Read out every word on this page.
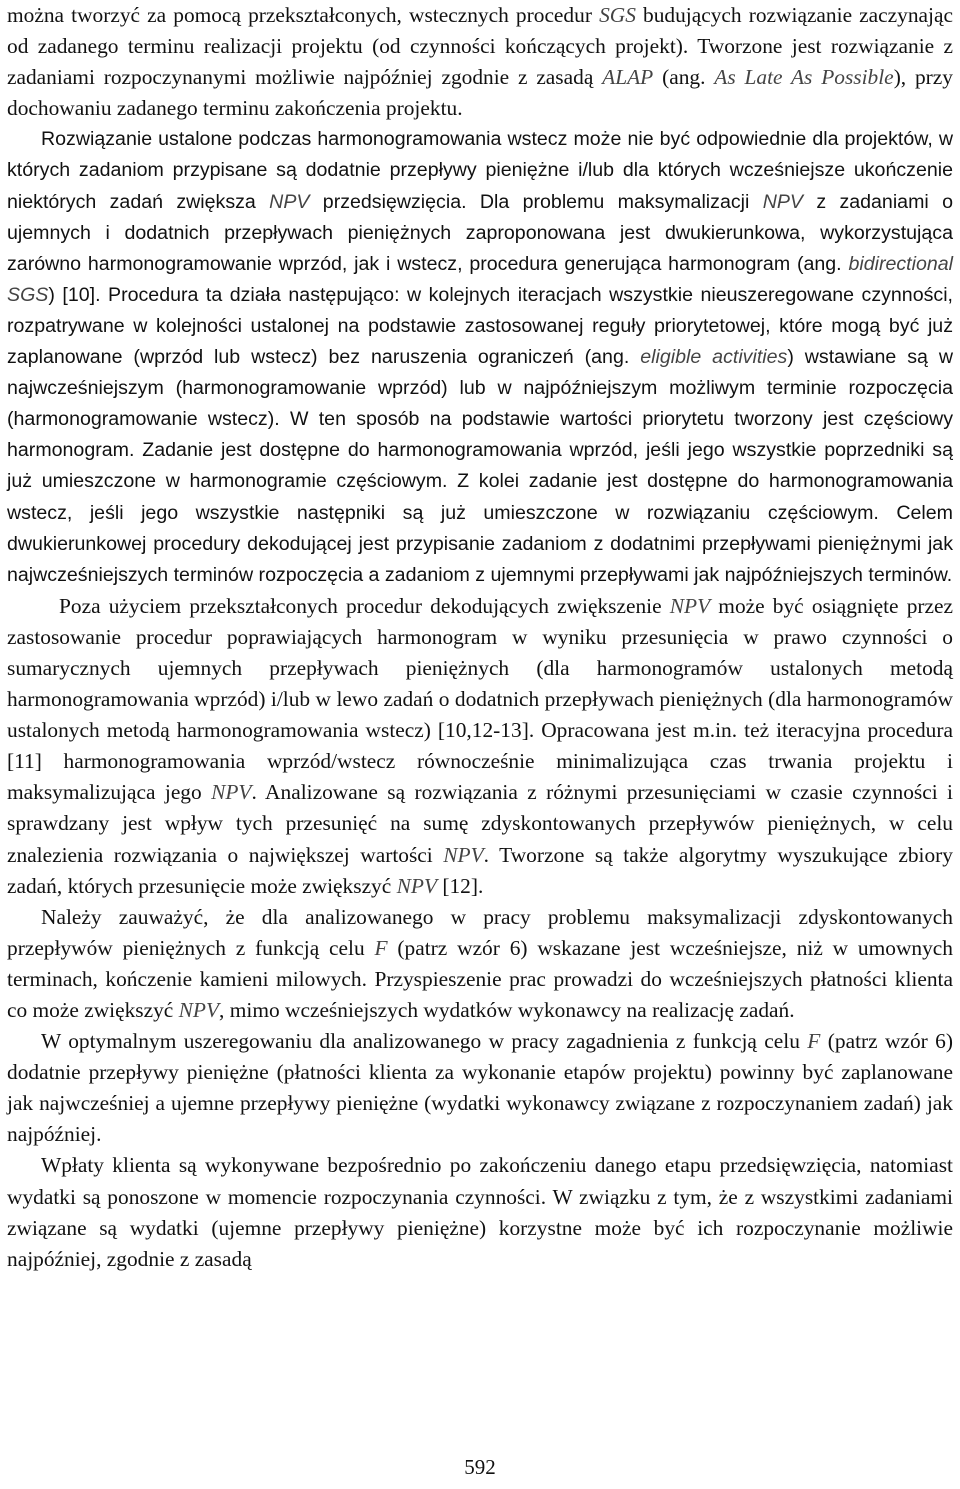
można tworzyć za pomocą przekształconych, wstecznych procedur SGS budujących rozwiązanie zaczynając od zadanego terminu realizacji projektu (od czynności kończących projekt). Tworzone jest rozwiązanie z zadaniami rozpoczynanymi możliwie najpóźniej zgodnie z zasadą ALAP (ang. As Late As Possible), przy dochowaniu zadanego terminu zakończenia projektu.

Rozwiązanie ustalone podczas harmonogramowania wstecz może nie być odpowiednie dla projektów, w których zadaniom przypisane są dodatnie przepływy pieniężne i/lub dla których wcześniejsze ukończenie niektórych zadań zwiększa NPV przedsięwzięcia. Dla problemu maksymalizacji NPV z zadaniami o ujemnych i dodatnich przepływach pieniężnych zaproponowana jest dwukierunkowa, wykorzystująca zarówno harmonogramowanie wprzód, jak i wstecz, procedura generująca harmonogram (ang. bidirectional SGS) [10]. Procedura ta działa następująco: w kolejnych iteracjach wszystkie nieuszeregowane czynności, rozpatrywane w kolejności ustalonej na podstawie zastosowanej reguły priorytetowej, które mogą być już zaplanowane (wprzód lub wstecz) bez naruszenia ograniczeń (ang. eligible activities) wstawiane są w najwcześniejszym (harmonogramowanie wprzód) lub w najpóźniejszym możliwym terminie rozpoczęcia (harmonogramowanie wstecz). W ten sposób na podstawie wartości priorytetu tworzony jest częściowy harmonogram. Zadanie jest dostępne do harmonogramowania wprzód, jeśli jego wszystkie poprzedniki są już umieszczone w harmonogramie częściowym. Z kolei zadanie jest dostępne do harmonogramowania wstecz, jeśli jego wszystkie następniki są już umieszczone w rozwiązaniu częściowym. Celem dwukierunkowej procedury dekodującej jest przypisanie zadaniom z dodatnimi przepływami pieniężnymi jak najwcześniejszych terminów rozpoczęcia a zadaniom z ujemnymi przepływami jak najpóźniejszych terminów.

Poza użyciem przekształconych procedur dekodujących zwiększenie NPV może być osiągnięte przez zastosowanie procedur poprawiających harmonogram w wyniku przesunięcia w prawo czynności o sumarycznych ujemnych przepływach pieniężnych (dla harmonogramów ustalonych metodą harmonogramowania wprzód) i/lub w lewo zadań o dodatnich przepływach pieniężnych (dla harmonogramów ustalonych metodą harmonogramowania wstecz) [10,12-13]. Opracowana jest m.in. też iteracyjna procedura [11] harmonogramowania wprzód/wstecz równocześnie minimalizująca czas trwania projektu i maksymalizująca jego NPV. Analizowane są rozwiązania z różnymi przesunięciami w czasie czynności i sprawdzany jest wpływ tych przesunięć na sumę zdyskontowanych przepływów pieniężnych, w celu znalezienia rozwiązania o największej wartości NPV. Tworzone są także algorytmy wyszukujące zbiory zadań, których przesunięcie może zwiększyć NPV [12].

Należy zauważyć, że dla analizowanego w pracy problemu maksymalizacji zdyskontowanych przepływów pieniężnych z funkcją celu F (patrz wzór 6) wskazane jest wcześniejsze, niż w umownych terminach, kończenie kamieni milowych. Przyspieszenie prac prowadzi do wcześniejszych płatności klienta co może zwiększyć NPV, mimo wcześniejszych wydatków wykonawcy na realizację zadań.

W optymalnym uszeregowaniu dla analizowanego w pracy zagadnienia z funkcją celu F (patrz wzór 6) dodatnie przepływy pieniężne (płatności klienta za wykonanie etapów projektu) powinny być zaplanowane jak najwcześniej a ujemne przepływy pieniężne (wydatki wykonawcy związane z rozpoczynaniem zadań) jak najpóźniej.

Wpłaty klienta są wykonywane bezpośrednio po zakończeniu danego etapu przedsięwzięcia, natomiast wydatki są ponoszone w momencie rozpoczynania czynności. W związku z tym, że z wszystkimi zadaniami związane są wydatki (ujemne przepływy pieniężne) korzystne może być ich rozpoczynanie możliwie najpóźniej, zgodnie z zasadą

592
